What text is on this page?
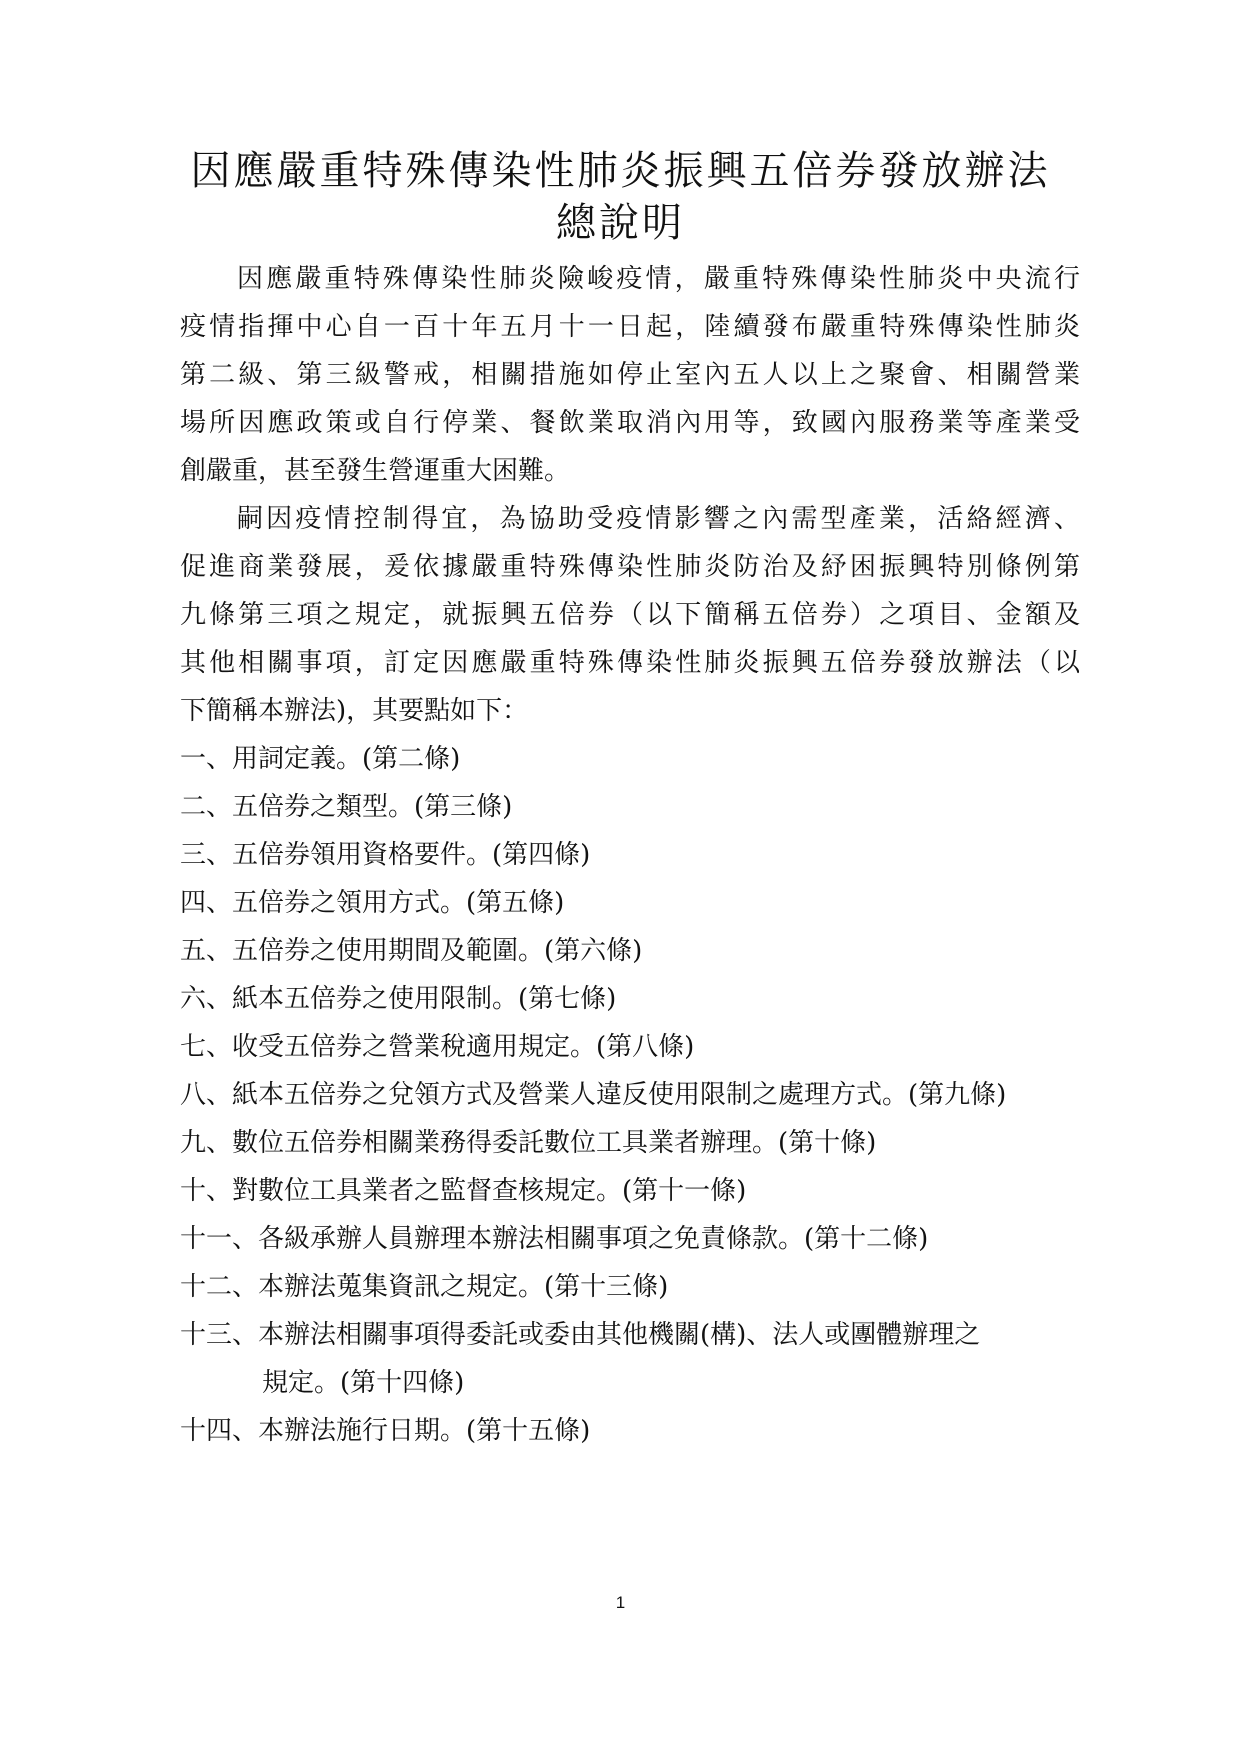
因應嚴重特殊傳染性肺炎振興五倍券發放辦法
總說明
因應嚴重特殊傳染性肺炎險峻疫情，嚴重特殊傳染性肺炎中央流行
疫情指揮中心自一百十年五月十一日起，陸續發布嚴重特殊傳染性肺炎
第二級、第三級警戒，相關措施如停止室內五人以上之聚會、相關營業
場所因應政策或自行停業、餐飲業取消內用等，致國內服務業等產業受
創嚴重，甚至發生營運重大困難。
嗣因疫情控制得宜，為協助受疫情影響之內需型產業，活絡經濟、
促進商業發展，爰依據嚴重特殊傳染性肺炎防治及紓困振興特別條例第
九條第三項之規定，就振興五倍券（以下簡稱五倍券）之項目、金額及
其他相關事項，訂定因應嚴重特殊傳染性肺炎振興五倍券發放辦法（以
下簡稱本辦法)，其要點如下：
一、用詞定義。(第二條)
二、五倍券之類型。(第三條)
三、五倍券領用資格要件。(第四條)
四、五倍券之領用方式。(第五條)
五、五倍券之使用期間及範圍。(第六條)
六、紙本五倍券之使用限制。(第七條)
七、收受五倍券之營業稅適用規定。(第八條)
八、紙本五倍券之兌領方式及營業人違反使用限制之處理方式。(第九條)
九、數位五倍券相關業務得委託數位工具業者辦理。(第十條)
十、對數位工具業者之監督查核規定。(第十一條)
十一、各級承辦人員辦理本辦法相關事項之免責條款。(第十二條)
十二、本辦法蒐集資訊之規定。(第十三條)
十三、本辦法相關事項得委託或委由其他機關(構)、法人或團體辦理之
規定。(第十四條)
十四、本辦法施行日期。(第十五條)
1
